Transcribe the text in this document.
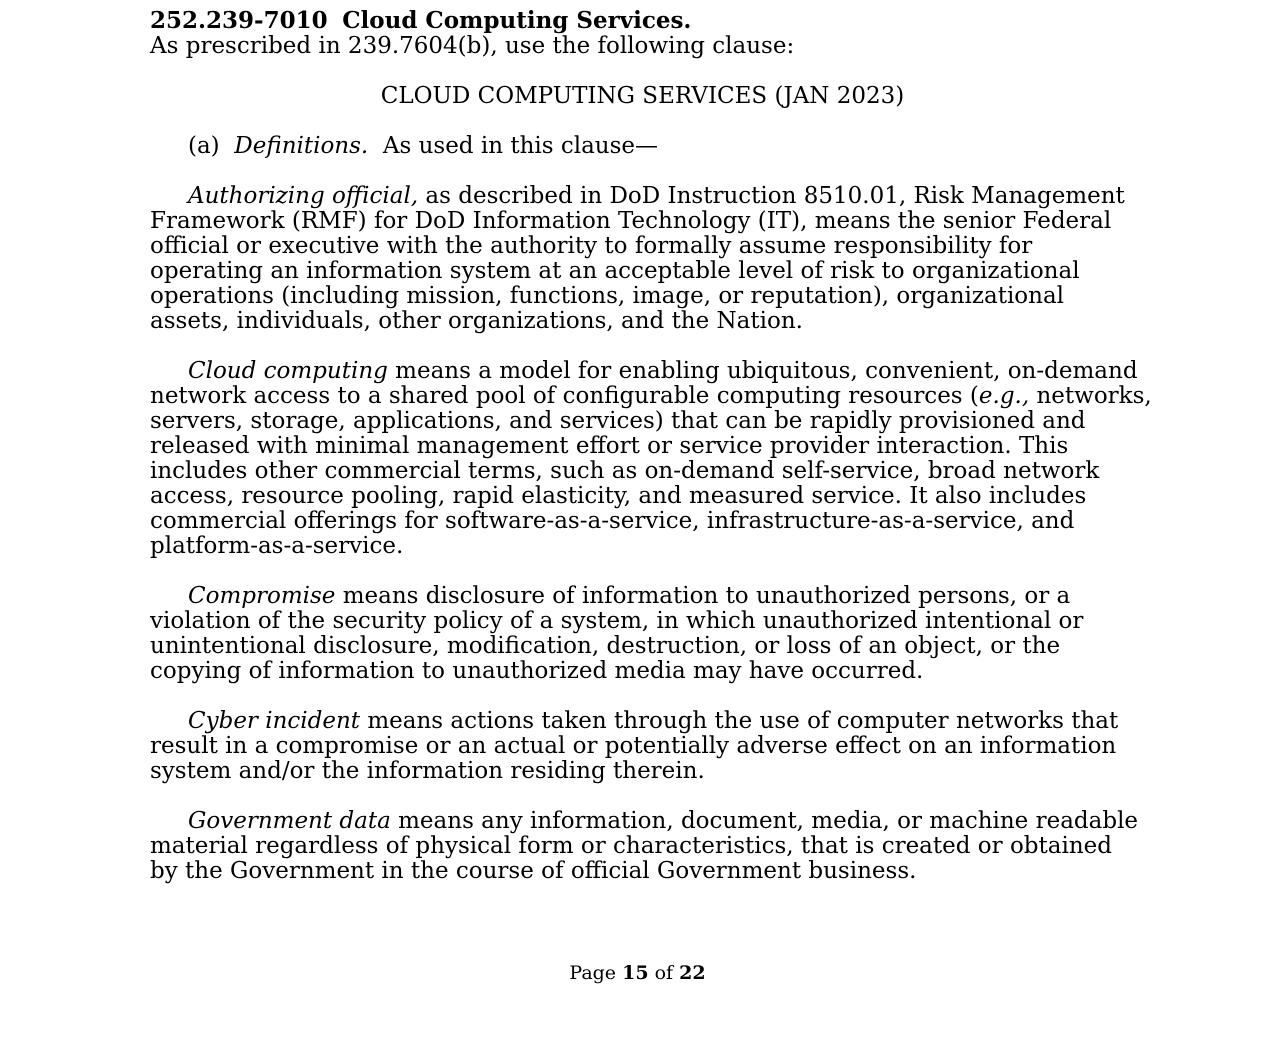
252.239-7010 Cloud Computing Services.

As prescribed in 239.7604(b), use the following clause:

CLOUD COMPUTING SERVICES (JAN 2023)

(a) Definitions. As used in this clause—

Authorizing official, as described in DoD Instruction 8510.01, Risk Management

Framework (RMF) for DoD Information Technology (IT), means the senior Federal

official or executive with the authority to formally assume responsibility for

operating an information system at an acceptable level of risk to organizational

operations (including mission, functions, image, or reputation), organizational

assets, individuals, other organizations, and the Nation.

Cloud computing means a model for enabling ubiquitous, convenient, on-demand

network access to a shared pool of configurable computing resources (e.g., networks,

servers, storage, applications, and services) that can be rapidly provisioned and

released with minimal management effort or service provider interaction. This

includes other commercial terms, such as on-demand self-service, broad network

access, resource pooling, rapid elasticity, and measured service. It also includes

commercial offerings for software-as-a-service, infrastructure-as-a-service, and

platform-as-a-service.

Compromise means disclosure of information to unauthorized persons, or a

violation of the security policy of a system, in which unauthorized intentional or

unintentional disclosure, modification, destruction, or loss of an object, or the

copying of information to unauthorized media may have occurred.

Cyber incident means actions taken through the use of computer networks that

result in a compromise or an actual or potentially adverse effect on an information

system and/or the information residing therein.

Government data means any information, document, media, or machine readable

material regardless of physical form or characteristics, that is created or obtained

by the Government in the course of official Government business.

Page 15 of 22
